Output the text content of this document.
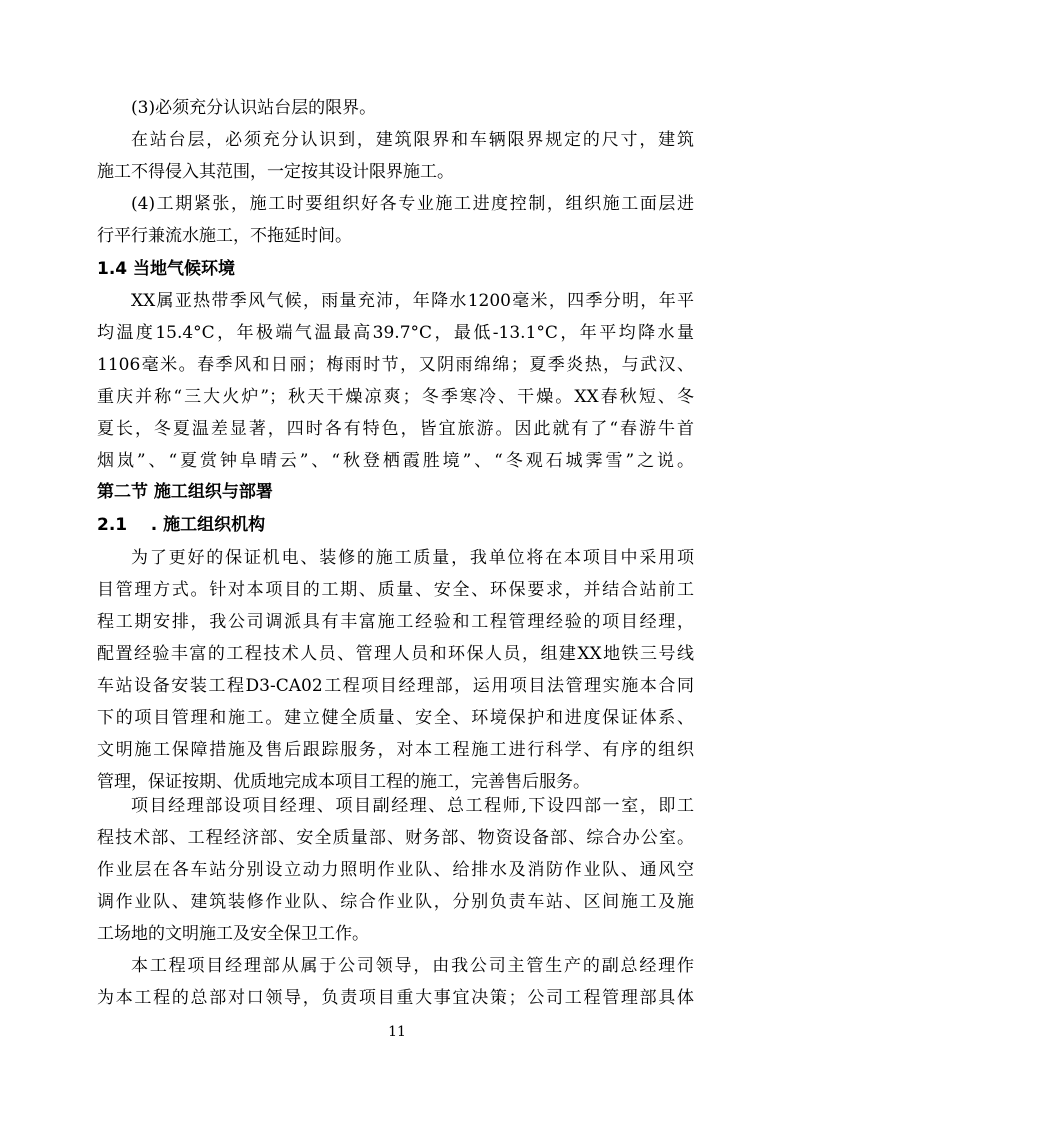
(3)必须充分认识站台层的限界。
在站台层，必须充分认识到，建筑限界和车辆限界规定的尺寸，建筑
施工不得侵入其范围，一定按其设计限界施工。
(4)工期紧张，施工时要组织好各专业施工进度控制，组织施工面层进
行平行兼流水施工，不拖延时间。
1.4 当地气候环境
XX属亚热带季风气候，雨量充沛，年降水1200毫米，四季分明，年平
均温度15.4°C，年极端气温最高39.7°C，最低-13.1°C，年平均降水量
1106毫米。春季风和日丽；梅雨时节，又阴雨绵绵；夏季炎热，与武汉、
重庆并称“三大火炉”；秋天干燥凉爽；冬季寒冷、干燥。XX春秋短、冬
夏长，冬夏温差显著，四时各有特色，皆宜旅游。因此就有了“春游牛首
烟岚”、“夏赏钟阜晴云”、“秋登栖霞胜境”、“冬观石城霁雪”之说。
第二节 施工组织与部署
2.1    . 施工组织机构
为了更好的保证机电、装修的施工质量，我单位将在本项目中采用项
目管理方式。针对本项目的工期、质量、安全、环保要求，并结合站前工
程工期安排，我公司调派具有丰富施工经验和工程管理经验的项目经理，
配置经验丰富的工程技术人员、管理人员和环保人员，组建XX地铁三号线
车站设备安装工程D3-CA02工程项目经理部，运用项目法管理实施本合同
下的项目管理和施工。建立健全质量、安全、环境保护和进度保证体系、
文明施工保障措施及售后跟踪服务，对本工程施工进行科学、有序的组织
管理，保证按期、优质地完成本项目工程的施工，完善售后服务。
项目经理部设项目经理、项目副经理、总工程师,下设四部一室，即工
程技术部、工程经济部、安全质量部、财务部、物资设备部、综合办公室。
作业层在各车站分别设立动力照明作业队、给排水及消防作业队、通风空
调作业队、建筑装修作业队、综合作业队，分别负责车站、区间施工及施
工场地的文明施工及安全保卫工作。
11
本工程项目经理部从属于公司领导，由我公司主管生产的副总经理作
为本工程的总部对口领导，负责项目重大事宜决策；公司工程管理部具体
